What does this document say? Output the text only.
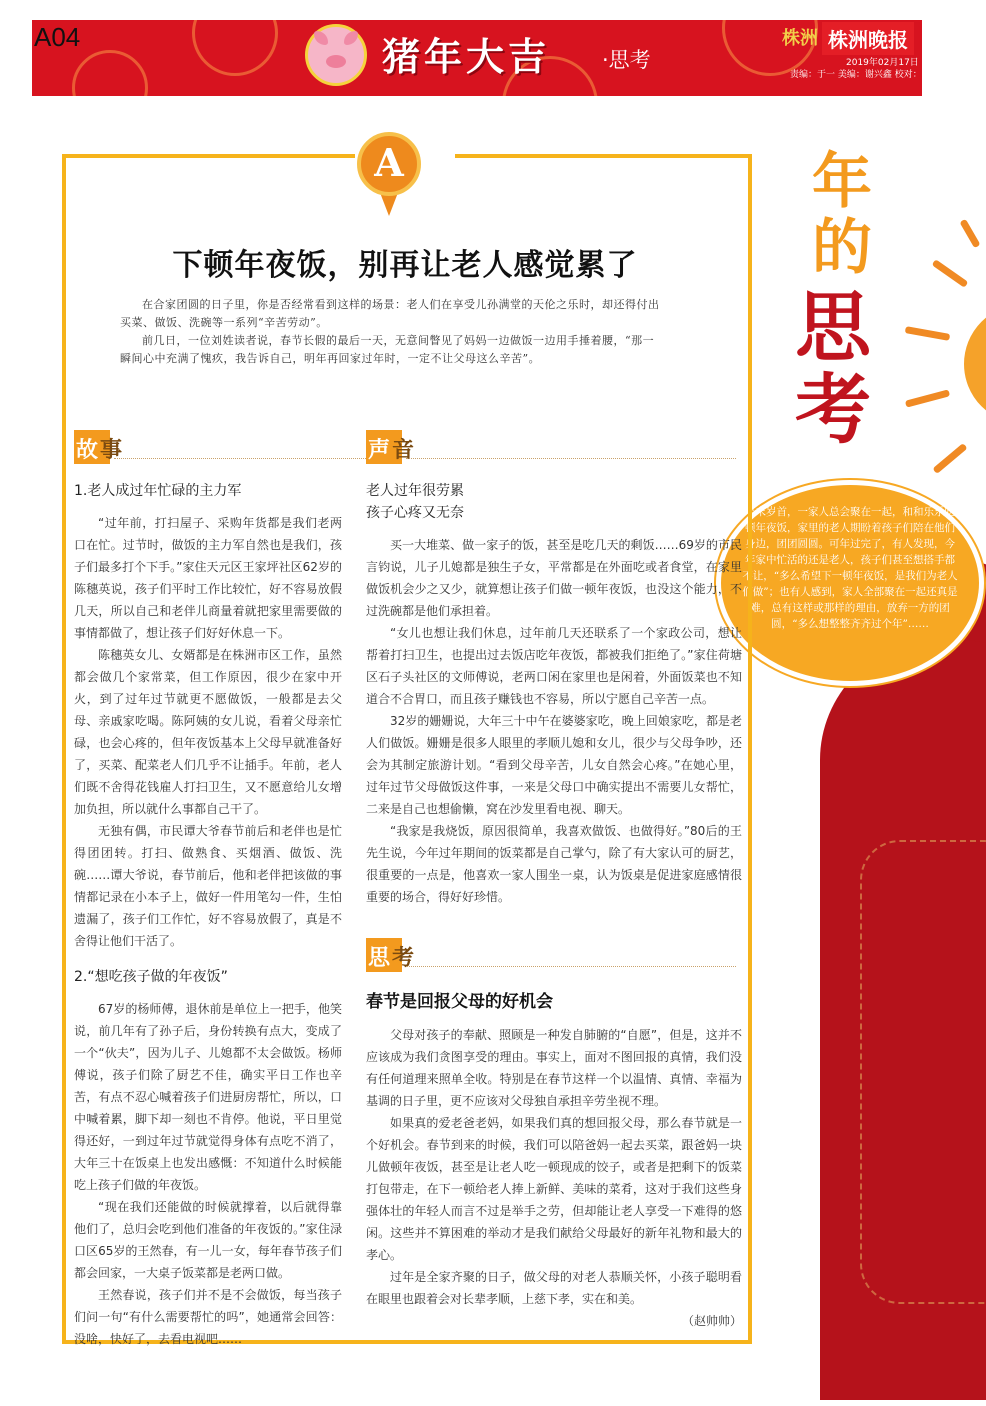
A04	猪年大吉 ·思考
株洲 株洲晚报
2019年02月17日
责编：于一 美编：谢兴鑫 校对：刘星
年
的
思
考
年末岁首，一家人总会聚在一起，和和乐乐吃顿年夜饭，家里的老人期盼着孩子们陪在他们身边，团团圆圆。可年过完了，有人发现，今年家中忙活的还是老人，孩子们甚至想搭手都不让，“多么希望下一顿年夜饭，是我们为老人们做”；也有人感到，家人全部聚在一起还真是难，总有这样或那样的理由，放弃一方的团圆，“多么想整整齐齐过个年”……
A
下顿年夜饭，别再让老人感觉累了

在合家团圆的日子里，你是否经常看到这样的场景：老人们在享受儿孙满堂的天伦之乐时，却还得付出买菜、做饭、洗碗等一系列“辛苦劳动”。

前几日，一位刘姓读者说，春节长假的最后一天，无意间瞥见了妈妈一边做饭一边用手捶着腰，“那一瞬间心中充满了愧疚，我告诉自己，明年再回家过年时，一定不让父母这么辛苦”。

故 事	声 音
思 考
1.老人成过年忙碌的主力军

“过年前，打扫屋子、采购年货都是我们老两口在忙。过节时，做饭的主力军自然也是我们，孩子们最多打个下手。”家住天元区王家坪社区62岁的陈穗英说，孩子们平时工作比较忙，好不容易放假几天，所以自己和老伴儿商量着就把家里需要做的事情都做了，想让孩子们好好休息一下。

陈穗英女儿、女婿都是在株洲市区工作，虽然都会做几个家常菜，但工作原因，很少在家中开火，到了过年过节就更不愿做饭，一般都是去父母、亲戚家吃喝。陈阿姨的女儿说，看着父母亲忙碌，也会心疼的，但年夜饭基本上父母早就准备好了，买菜、配菜老人们几乎不让插手。年前，老人们既不舍得花钱雇人打扫卫生，又不愿意给儿女增加负担，所以就什么事都自己干了。

无独有偶，市民谭大爷春节前后和老伴也是忙得团团转。打扫、做熟食、买烟酒、做饭、洗碗……谭大爷说，春节前后，他和老伴把该做的事情都记录在小本子上，做好一件用笔勾一件，生怕遗漏了，孩子们工作忙，好不容易放假了，真是不舍得让他们干活了。

2.“想吃孩子做的年夜饭”

67岁的杨师傅，退休前是单位上一把手，他笑说，前几年有了孙子后，身份转换有点大，变成了一个“伙夫”，因为儿子、儿媳都不太会做饭。杨师傅说，孩子们除了厨艺不佳，确实平日工作也辛苦，有点不忍心喊着孩子们进厨房帮忙，所以，口中喊着累，脚下却一刻也不肯停。他说，平日里觉得还好，一到过年过节就觉得身体有点吃不消了，大年三十在饭桌上也发出感慨：不知道什么时候能吃上孩子们做的年夜饭。

“现在我们还能做的时候就撑着，以后就得靠他们了，总归会吃到他们准备的年夜饭的。”家住渌口区65岁的王然春，有一儿一女，每年春节孩子们都会回家，一大桌子饭菜都是老两口做。

王然春说，孩子们并不是不会做饭，每当孩子们问一句“有什么需要帮忙的吗”，她通常会回答：没啥，快好了，去看电视吧……

老人过年很劳累
孩子心疼又无奈

买一大堆菜、做一家子的饭，甚至是吃几天的剩饭……69岁的市民言钧说，儿子儿媳都是独生子女，平常都是在外面吃或者食堂，在家里做饭机会少之又少，就算想让孩子们做一顿年夜饭，也没这个能力，不过洗碗都是他们承担着。

“女儿也想让我们休息，过年前几天还联系了一个家政公司，想让帮着打扫卫生，也提出过去饭店吃年夜饭，都被我们拒绝了。”家住荷塘区石子头社区的文师傅说，老两口闲在家里也是闲着，外面饭菜也不知道合不合胃口，而且孩子赚钱也不容易，所以宁愿自己辛苦一点。

32岁的姗姗说，大年三十中午在婆婆家吃，晚上回娘家吃，都是老人们做饭。姗姗是很多人眼里的孝顺儿媳和女儿，很少与父母争吵，还会为其制定旅游计划。“看到父母辛苦，儿女自然会心疼。”在她心里，过年过节父母做饭这件事，一来是父母口中确实提出不需要儿女帮忙，二来是自己也想偷懒，窝在沙发里看电视、聊天。

“我家是我烧饭，原因很简单，我喜欢做饭、也做得好。”80后的王先生说，今年过年期间的饭菜都是自己掌勺，除了有大家认可的厨艺，很重要的一点是，他喜欢一家人围坐一桌，认为饭桌是促进家庭感情很重要的场合，得好好珍惜。

春节是回报父母的好机会

父母对孩子的奉献、照顾是一种发自肺腑的“自愿”，但是，这并不应该成为我们贪图享受的理由。事实上，面对不图回报的真情，我们没有任何道理来照单全收。特别是在春节这样一个以温情、真情、幸福为基调的日子里，更不应该对父母独自承担辛劳坐视不理。

如果真的爱老爸老妈，如果我们真的想回报父母，那么春节就是一个好机会。春节到来的时候，我们可以陪爸妈一起去买菜，跟爸妈一块儿做顿年夜饭，甚至是让老人吃一顿现成的饺子，或者是把剩下的饭菜打包带走，在下一顿给老人捧上新鲜、美味的菜肴，这对于我们这些身强体壮的年轻人而言不过是举手之劳，但却能让老人享受一下难得的悠闲。这些并不算困难的举动才是我们献给父母最好的新年礼物和最大的孝心。

过年是全家齐聚的日子，做父母的对老人恭顺关怀，小孩子聪明看在眼里也跟着会对长辈孝顺，上慈下孝，实在和美。

（赵帅帅）
